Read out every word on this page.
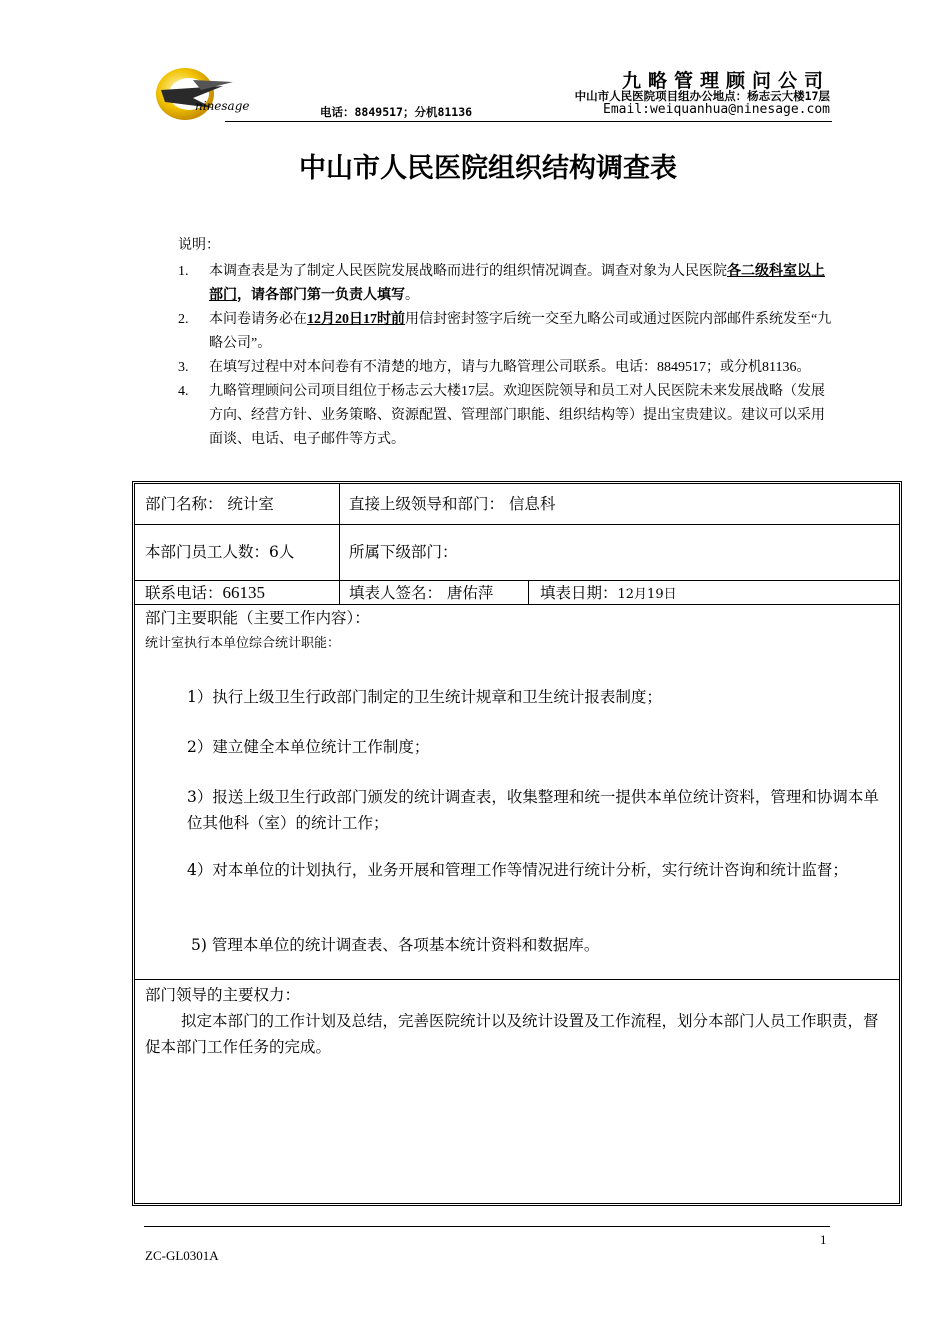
ninesage
九略管理顾问公司
中山市人民医院项目组办公地点：杨志云大楼17层
电话：8849517；分机81136	Email:weiquanhua@ninesage.com
中山市人民医院组织结构调查表
说明：
1. 本调查表是为了制定人民医院发展战略而进行的组织情况调查。调查对象为人民医院各二级科室以上部门，请各部门第一负责人填写。
2. 本问卷请务必在12月20日17时前用信封密封签字后统一交至九略公司或通过医院内部邮件系统发至“九略公司”。
3. 在填写过程中对本问卷有不清楚的地方，请与九略管理公司联系。电话：8849517；或分机81136。
4. 九略管理顾问公司项目组位于杨志云大楼17层。欢迎医院领导和员工对人民医院未来发展战略（发展方向、经营方针、业务策略、资源配置、管理部门职能、组织结构等）提出宝贵建议。建议可以采用面谈、电话、电子邮件等方式。
部门名称： 统计室	直接上级领导和部门： 信息科
本部门员工人数：6人	所属下级部门：
联系电话：66135	填表人签名： 唐佑萍	填表日期：12月19日
部门主要职能（主要工作内容）：
统计室执行本单位综合统计职能：
1）执行上级卫生行政部门制定的卫生统计规章和卫生统计报表制度；
2）建立健全本单位统计工作制度；
3）报送上级卫生行政部门颁发的统计调查表，收集整理和统一提供本单位统计资料，管理和协调本单位其他科（室）的统计工作；
4）对本单位的计划执行，业务开展和管理工作等情况进行统计分析，实行统计咨询和统计监督；
5) 管理本单位的统计调查表、各项基本统计资料和数据库。
部门领导的主要权力：
拟定本部门的工作计划及总结，完善医院统计以及统计设置及工作流程，划分本部门人员工作职责，督促本部门工作任务的完成。
1
ZC-GL0301A
